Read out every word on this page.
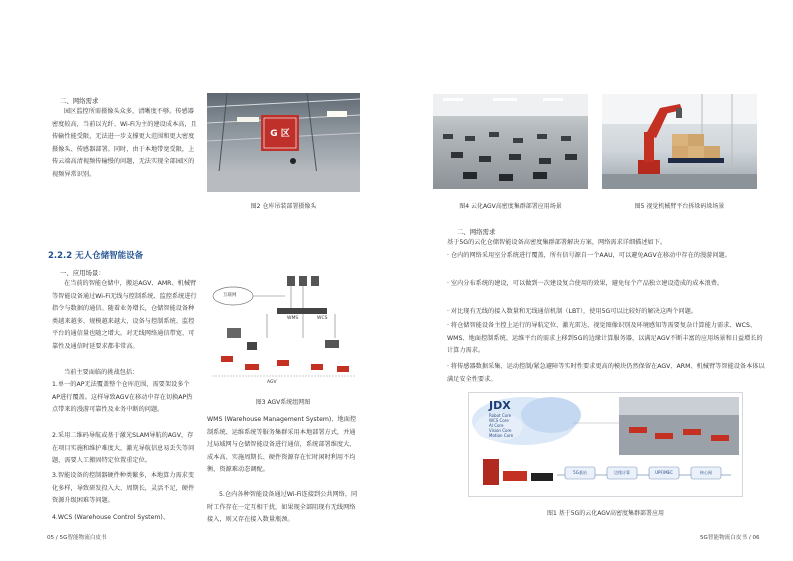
二、网络需求
园区监控所需摄像头众多，清晰度不够。传感器密度较高，当前以光纤、Wi-Fi为主的建设成本高，且传输性能受限，无法进一步支撑更大范围和更大密度摄像头、传感器部署。同时，由于本地带宽受限，上传云端高清视频传输慢的问题，无法实现全部园区的视频异常识别。
G 区
图2 仓库吊装部署摄像头
2.2.2 无人仓储智能设备
一、应用场景：
在当前的智能仓储中，搬运AGV、AMR、机械臂等智能设备通过Wi-Fi无线与控制系统、监控系统进行指令与数据的通信。随着业务增长，仓储智能设备种类越来越多、规模越来越大，设备与控制系统、监控平台的通信量也随之增大。对无线网络通信带宽、可靠性及通信时延要求都非常高。
当前主要面临的挑战包括：
1.单一的AP无法覆盖整个仓库范围，需要架设多个AP进行覆盖。这样导致AGV在移动中存在切换AP热点带来的漫游可靠性及业务中断的问题。
2.采用二维码导航或基于激光SLAM导航的AGV，存在项目实施和维护难度大，激光导航信息易丢失等问题，需要人工搬固特定位置重定位。
3.智能设备的控制器硬件种类繁多，本地算力需求变化多样，导致研发投入大、周期长，灵活不足，硬件资源升级困难等问题。
4.WCS (Warehouse Control System)、
互联网
WMS	WCS
AGV
图3 AGV系统组网图
WMS (Warehouse Management System)、地面控制系统、运维系统等服务集群采用本地部署方式，并通过局域网与仓储智能设备进行通信，系统部署维度大、成本高、实施周期长、硬件资源存在忙时闲时利用不均衡，资源难动态调配。
5.仓内各种智能设备通过Wi-Fi连接到公共网络，同时工作存在一定互相干扰，如果现全部阻现有无线网络接入，则又存在接入数量瓶颈。
05 / 5G智能物流白皮书
图4 云化AGV高密度集群部署应用场景	图5 视觉机械臂平台拆垛码垛场景
二、网络需求
基于5G的云化仓储智能设备高密度集群部署解决方案，网络需求详细描述如下。
· 仓内的网络采用室分系统进行覆盖，所有信号源自一个AAU，可以避免AGV在移动中存在的漫游问题。
· 室内分布系统的建设，可以做到一次建设复合使用的效果，避免每个产品独立建设造成的成本浪费。
· 对比现有无线的接入数量和无线通信机制（LBT），使用5G可以比较好的解决这两个问题。
· 将仓储智能设备主控上运行的导航定位、激光雷达、视觉图像识别及环境感知等需要复杂计算能力需求、WCS、WMS、地面控制系统、运维平台的需求上移到5G的边缘计算服务器，以满足AGV不断丰富的应用场景和日益增长的计算力需求。
· 将传感器数据采集、运动控制/紧急避障等实时性要求更高的模块仍然保留在AGV、ARM、机械臂等智能设备本体以满足安全性要求。
JDX
Robot Core
WCS Core
AI Core
Vision Core
Motion Core
5G基站	边缘计算	UPF/MEC	核心网
图1 基于5G的云化AGV高密度集群部署应用
5G智能物流白皮书 / 06
